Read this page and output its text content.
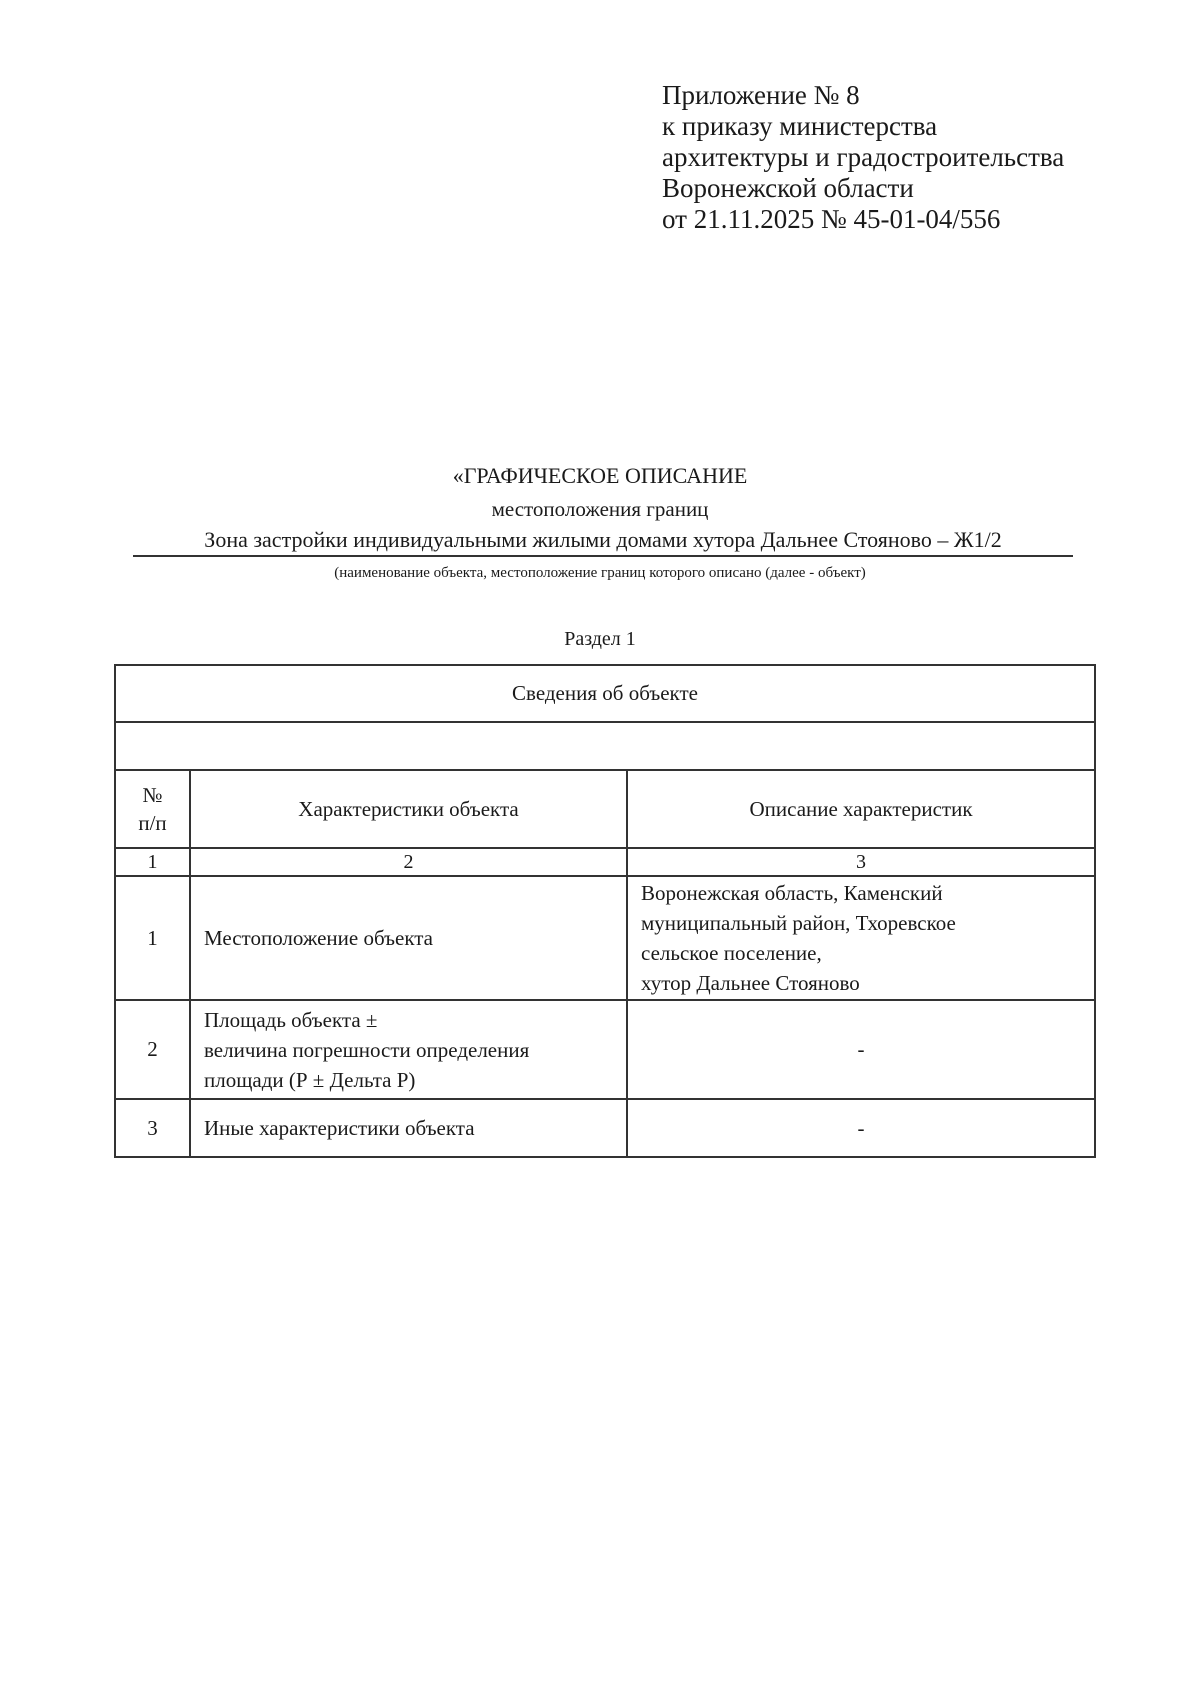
Приложение № 8
к приказу министерства
архитектуры и градостроительства
Воронежской области
от 21.11.2025 № 45-01-04/556
«ГРАФИЧЕСКОЕ ОПИСАНИЕ
местоположения границ
Зона застройки индивидуальными жилыми домами хутора Дальнее Стояново – Ж1/2
(наименование объекта, местоположение границ которого описано (далее - объект)
Раздел 1
Сведения об объекте		

№
п/п	Характеристики объекта	Описание характеристик
1	2	3
1	Местоположение объекта	Воронежская область, Каменский
муниципальный район, Тхоревское
сельское поселение,
хутор Дальнее Стояново
2	Площадь объекта ±
величина погрешности определения
площади (Р ± Дельта Р)	-
3	Иные характеристики объекта	-
